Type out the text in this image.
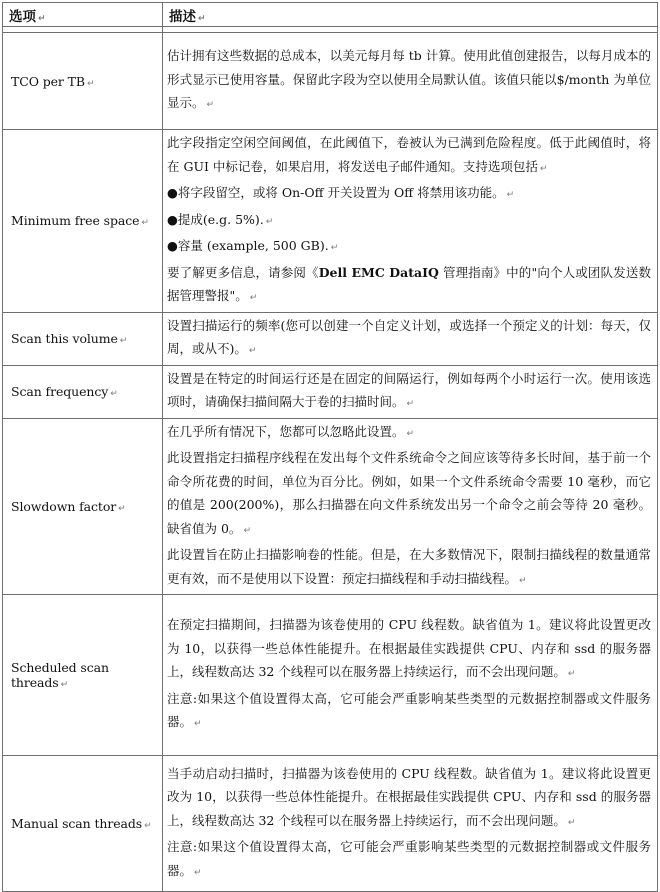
选项 ↵	描述 ↵

TCO per TB ↵	估计拥有这些数据的总成本，以美元每月每 tb 计算。使用此值创建报告，以每月成本的形式显示已使用容量。保留此字段为空以使用全局默认值。该值只能以$/month 为单位显示。 ↵

Minimum free space ↵	此字段指定空闲空间阈值，在此阈值下，卷被认为已满到危险程度。低于此阈值时，将在 GUI 中标记卷，如果启用，将发送电子邮件通知。支持选项包括 ↵
●将字段留空，或将 On-Off 开关设置为 Off 将禁用该功能。 ↵
●提成(e.g. 5%). ↵
●容量 (example, 500 GB). ↵
要了解更多信息，请参阅《Dell EMC DataIQ 管理指南》中的"向个人或团队发送数据管理警报"。 ↵

Scan this volume ↵	设置扫描运行的频率(您可以创建一个自定义计划，或选择一个预定义的计划：每天，仅周，或从不)。 ↵

Scan frequency ↵	设置是在特定的时间运行还是在固定的间隔运行，例如每两个小时运行一次。使用该选项时，请确保扫描间隔大于卷的扫描时间。 ↵

Slowdown factor ↵	在几乎所有情况下，您都可以忽略此设置。 ↵
此设置指定扫描程序线程在发出每个文件系统命令之间应该等待多长时间，基于前一个命令所花费的时间，单位为百分比。例如，如果一个文件系统命令需要 10 毫秒，而它的值是 200(200%)，那么扫描器在向文件系统发出另一个命令之前会等待 20 毫秒。缺省值为 0。 ↵
此设置旨在防止扫描影响卷的性能。但是，在大多数情况下，限制扫描线程的数量通常更有效，而不是使用以下设置：预定扫描线程和手动扫描线程。 ↵

Scheduled scan threads ↵	在预定扫描期间，扫描器为该卷使用的 CPU 线程数。缺省值为 1。建议将此设置更改为 10，以获得一些总体性能提升。在根据最佳实践提供 CPU、内存和 ssd 的服务器上，线程数高达 32 个线程可以在服务器上持续运行，而不会出现问题。 ↵
注意:如果这个值设置得太高，它可能会严重影响某些类型的元数据控制器或文件服务器。 ↵

Manual scan threads ↵	当手动启动扫描时，扫描器为该卷使用的 CPU 线程数。缺省值为 1。建议将此设置更改为 10，以获得一些总体性能提升。在根据最佳实践提供 CPU、内存和 ssd 的服务器上，线程数高达 32 个线程可以在服务器上持续运行，而不会出现问题。 ↵
注意:如果这个值设置得太高，它可能会严重影响某些类型的元数据控制器或文件服务器。 ↵
